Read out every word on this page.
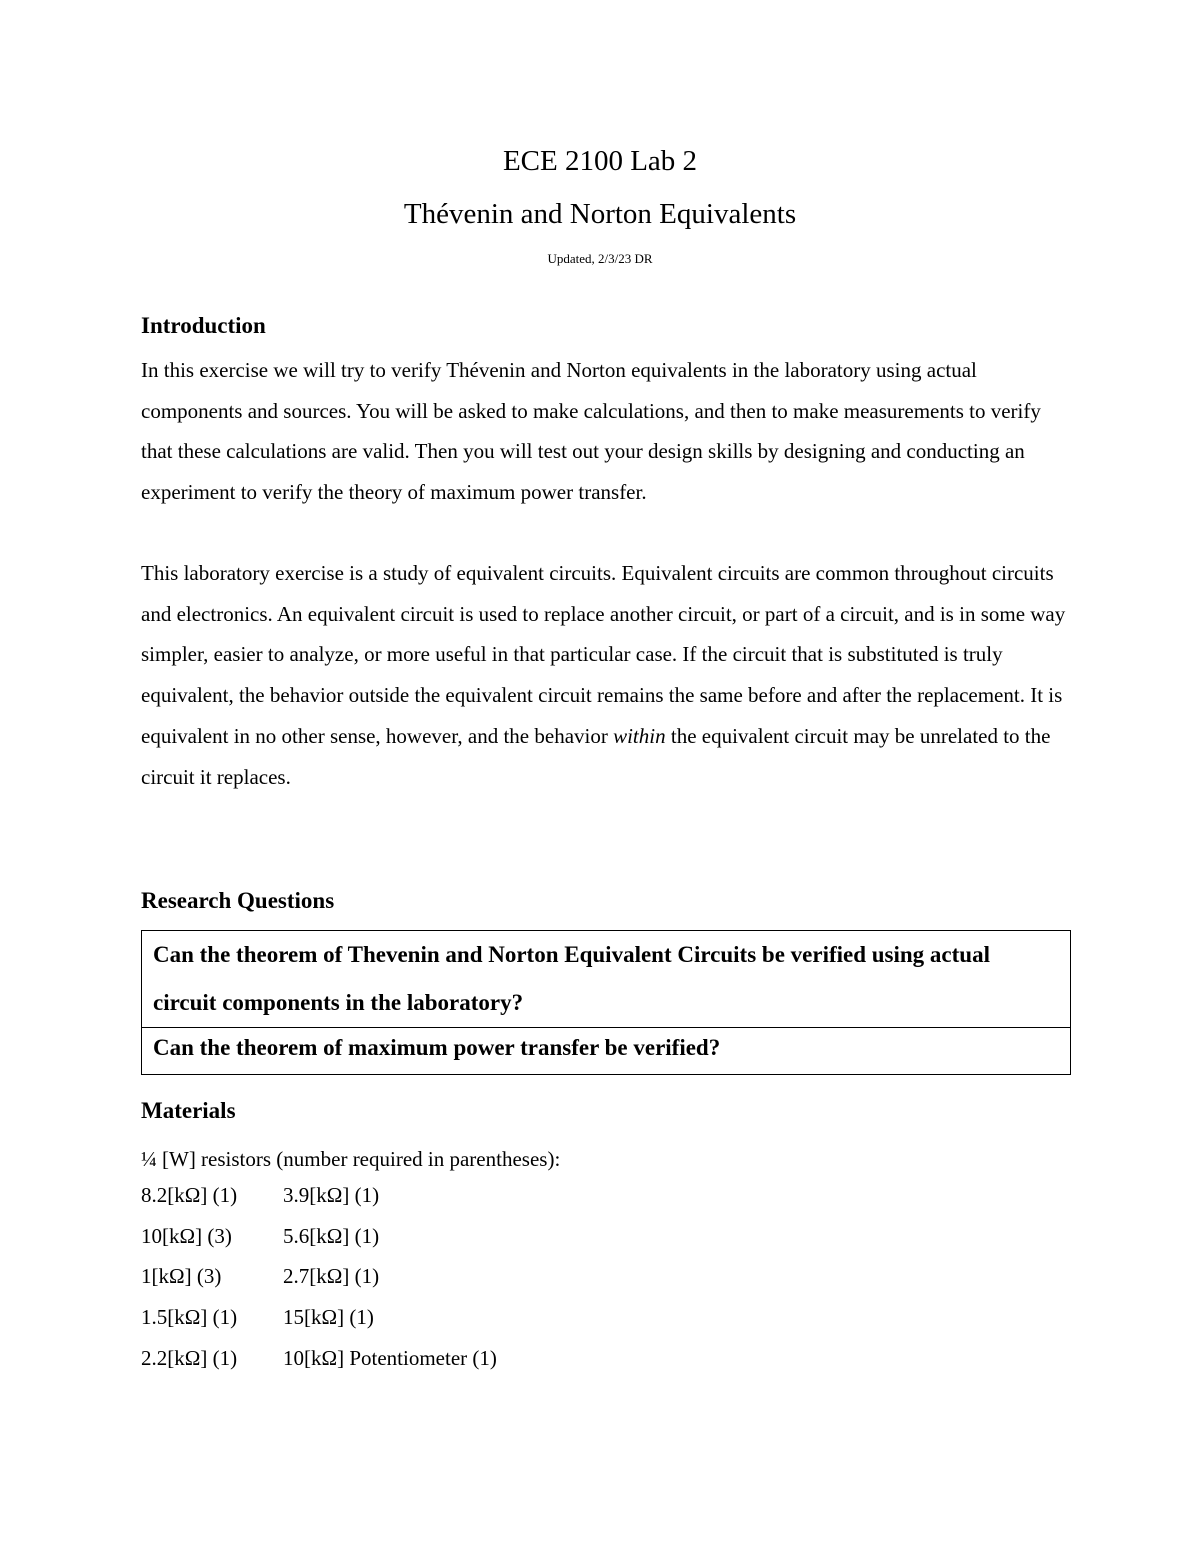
ECE 2100 Lab 2
Thévenin and Norton Equivalents
Updated, 2/3/23 DR
Introduction

In this exercise we will try to verify Thévenin and Norton equivalents in the laboratory using actual components and sources. You will be asked to make calculations, and then to make measurements to verify that these calculations are valid. Then you will test out your design skills by designing and conducting an experiment to verify the theory of maximum power transfer.

This laboratory exercise is a study of equivalent circuits. Equivalent circuits are common throughout circuits and electronics. An equivalent circuit is used to replace another circuit, or part of a circuit, and is in some way simpler, easier to analyze, or more useful in that particular case. If the circuit that is substituted is truly equivalent, the behavior outside the equivalent circuit remains the same before and after the replacement. It is equivalent in no other sense, however, and the behavior within the equivalent circuit may be unrelated to the circuit it replaces.

Research Questions
Can the theorem of Thevenin and Norton Equivalent Circuits be verified using actual circuit components in the laboratory?
Can the theorem of maximum power transfer be verified?
Materials

¼ [W] resistors (number required in parentheses):

8.2[kΩ] (1) 3.9[kΩ] (1)
10[kΩ] (3) 5.6[kΩ] (1)
1[kΩ] (3)	2.7[kΩ] (1)
1.5[kΩ] (1) 15[kΩ] (1)
2.2[kΩ] (1) 10[kΩ] Potentiometer (1)
